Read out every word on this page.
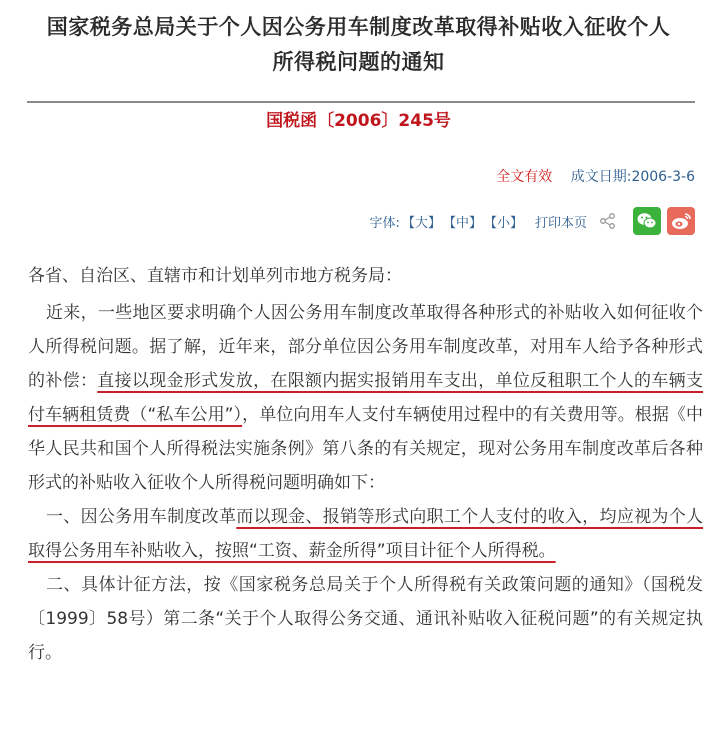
国家税务总局关于个人因公务用车制度改革取得补贴收入征收个人
所得税问题的通知
国税函〔2006〕245号
全文有效 成文日期:2006-3-6
字体: 【大】 【中】 【小】 打印本页

各省、自治区、直辖市和计划单列市地方税务局：

近来，一些地区要求明确个人因公务用车制度改革取得各种形式的补贴收入如何征收个人所得税问题。据了解，近年来，部分单位因公务用车制度改革，对用车人给予各种形式的补偿：直接以现金形式发放，在限额内据实报销用车支出，单位反租职工个人的车辆支付车辆租赁费（“私车公用”），单位向用车人支付车辆使用过程中的有关费用等。根据《中华人民共和国个人所得税法实施条例》第八条的有关规定，现对公务用车制度改革后各种形式的补贴收入征收个人所得税问题明确如下：

一、因公务用车制度改革而以现金、报销等形式向职工个人支付的收入，均应视为个人取得公务用车补贴收入，按照“工资、薪金所得”项目计征个人所得税。

二、具体计征方法，按《国家税务总局关于个人所得税有关政策问题的通知》（国税发〔1999〕58号）第二条“关于个人取得公务交通、通讯补贴收入征税问题”的有关规定执行。
